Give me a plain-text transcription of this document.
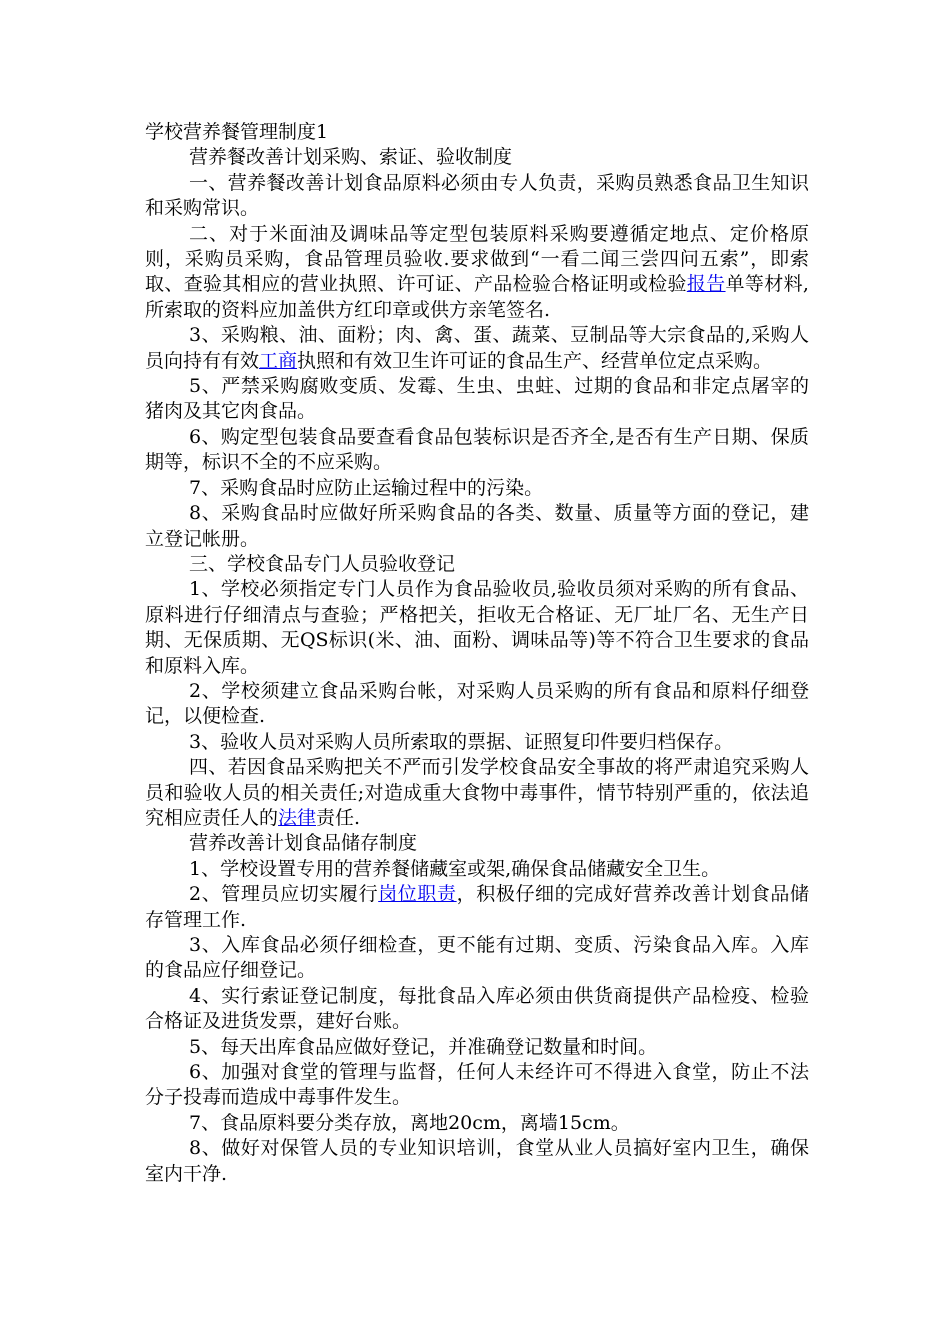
学校营养餐管理制度1

营养餐改善计划采购、索证、验收制度

一、营养餐改善计划食品原料必须由专人负责，采购员熟悉食品卫生知识和采购常识。

二、对于米面油及调味品等定型包装原料采购要遵循定地点、定价格原则，采购员采购，食品管理员验收.要求做到“一看二闻三尝四问五索”，即索取、查验其相应的营业执照、许可证、产品检验合格证明或检验报告单等材料,所索取的资料应加盖供方红印章或供方亲笔签名.

3、采购粮、油、面粉；肉、禽、蛋、蔬菜、豆制品等大宗食品的,采购人员向持有有效工商执照和有效卫生许可证的食品生产、经营单位定点采购。

5、严禁采购腐败变质、发霉、生虫、虫蛀、过期的食品和非定点屠宰的猪肉及其它肉食品。

6、购定型包装食品要查看食品包装标识是否齐全,是否有生产日期、保质期等，标识不全的不应采购。

7、采购食品时应防止运输过程中的污染。

8、采购食品时应做好所采购食品的各类、数量、质量等方面的登记，建立登记帐册。

三、学校食品专门人员验收登记

1、学校必须指定专门人员作为食品验收员,验收员须对采购的所有食品、原料进行仔细清点与查验；严格把关，拒收无合格证、无厂址厂名、无生产日期、无保质期、无QS标识(米、油、面粉、调味品等)等不符合卫生要求的食品和原料入库。

2、学校须建立食品采购台帐，对采购人员采购的所有食品和原料仔细登记，以便检查.

3、验收人员对采购人员所索取的票据、证照复印件要归档保存。

四、若因食品采购把关不严而引发学校食品安全事故的将严肃追究采购人员和验收人员的相关责任;对造成重大食物中毒事件，情节特别严重的，依法追究相应责任人的法律责任.

营养改善计划食品储存制度

1、学校设置专用的营养餐储藏室或架,确保食品储藏安全卫生。

2、管理员应切实履行岗位职责，积极仔细的完成好营养改善计划食品储存管理工作.

3、入库食品必须仔细检查，更不能有过期、变质、污染食品入库。入库的食品应仔细登记。

4、实行索证登记制度，每批食品入库必须由供货商提供产品检疫、检验合格证及进货发票，建好台账。

5、每天出库食品应做好登记，并准确登记数量和时间。

6、加强对食堂的管理与监督，任何人未经许可不得进入食堂，防止不法分子投毒而造成中毒事件发生。

7、食品原料要分类存放，离地20cm，离墙15cm。

8、做好对保管人员的专业知识培训，食堂从业人员搞好室内卫生，确保室内干净.
